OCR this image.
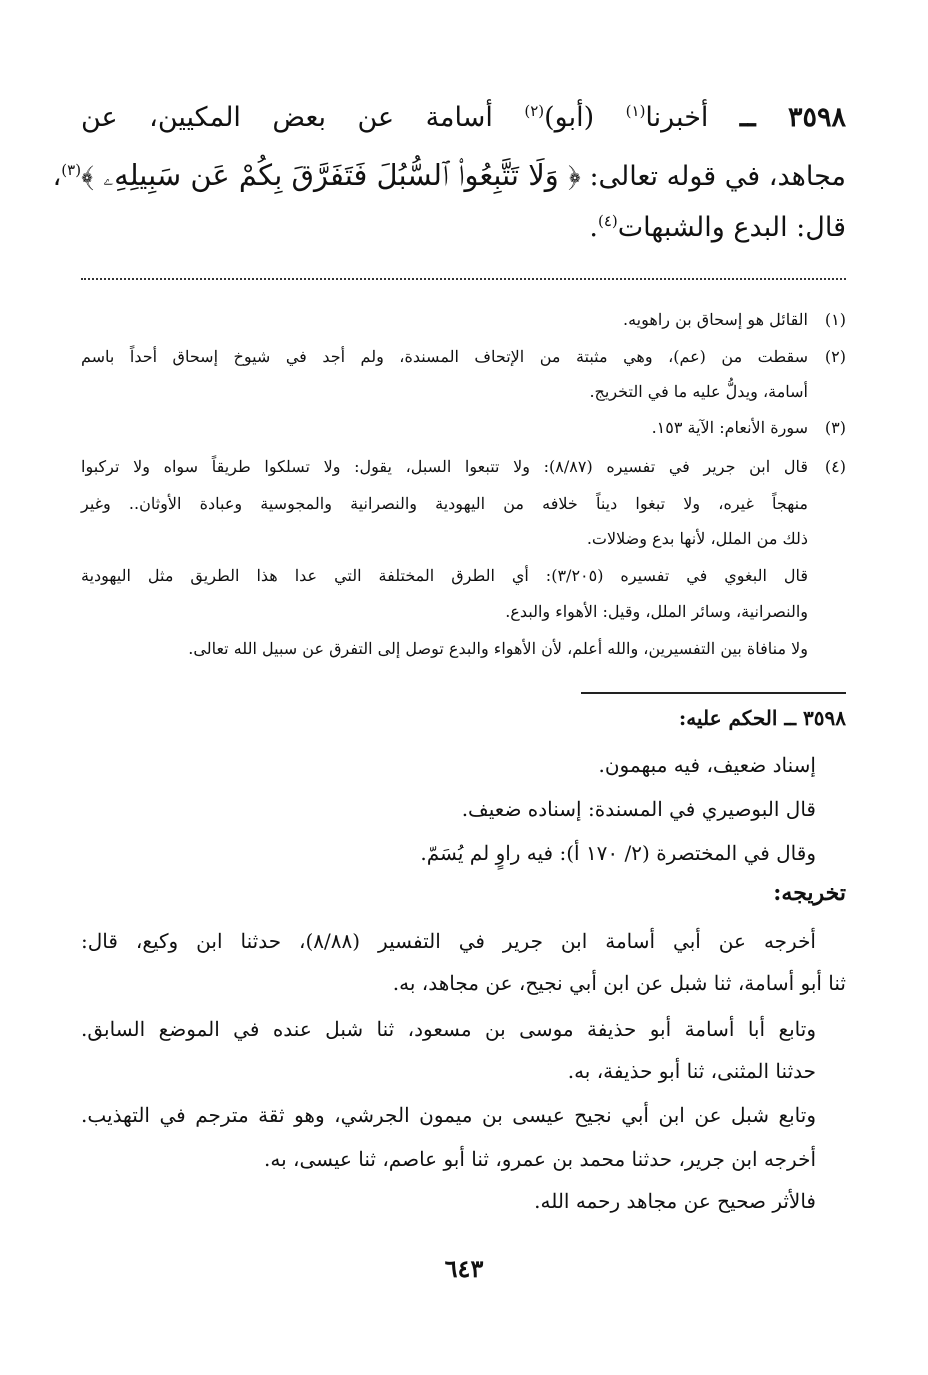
٣٥٩٨ ــ أخبرنا$^{(١)}$ (أبو)$^{(٢)}$ أسامة عن بعض المكيين، عن
مجاهد، في قوله تعالى: ﴿ وَلَا تَتَّبِعُوا۟ ٱلسُّبُلَ فَتَفَرَّقَ بِكُمْ عَن سَبِيلِهِۦ ﴾$^{(٣)}$،
قال: البدع والشبهات$^{(٤)}$.
(١)القائل هو إسحاق بن راهويه.
(٢)سقطت من (عم)، وهي مثبتة من الإتحاف المسندة، ولم أجد في شيوخ إسحاق أحداً باسم
أسامة، ويدلُّ عليه ما في التخريج.
(٣)سورة الأنعام: الآية ١٥٣.
(٤)قال ابن جرير في تفسيره (٨/٨٧): ولا تتبعوا السبل، يقول: ولا تسلكوا طريقاً سواه ولا تركبوا
منهجاً غيره، ولا تبغوا ديناً خلافه من اليهودية والنصرانية والمجوسية وعبادة الأوثان.. وغير
ذلك من الملل، لأنها بدع وضلالات.
قال البغوي في تفسيره (٣/٢٠٥): أي الطرق المختلفة التي عدا هذا الطريق مثل اليهودية
والنصرانية، وسائر الملل، وقيل: الأهواء والبدع.
ولا منافاة بين التفسيرين، والله أعلم، لأن الأهواء والبدع توصل إلى التفرق عن سبيل الله تعالى.
٣٥٩٨ ــ الحكم عليه:
إسناد ضعيف، فيه مبهمون.
قال البوصيري في المسندة: إسناده ضعيف.
وقال في المختصرة (٢/ ١٧٠ أ): فيه راوٍ لم يُسَمّ.
تخريجه:
أخرجه عن أبي أسامة ابن جرير في التفسير (٨/٨٨)، حدثنا ابن وكيع، قال:
ثنا أبو أسامة، ثنا شبل عن ابن أبي نجيح، عن مجاهد، به.
وتابع أبا أسامة أبو حذيفة موسى بن مسعود، ثنا شبل عنده في الموضع السابق.
حدثنا المثنى، ثنا أبو حذيفة، به.
وتابع شبل عن ابن أبي نجيح عيسى بن ميمون الجرشي، وهو ثقة مترجم في التهذيب.
أخرجه ابن جرير، حدثنا محمد بن عمرو، ثنا أبو عاصم، ثنا عيسى، به.
فالأثر صحيح عن مجاهد رحمه الله.
٦٤٣
